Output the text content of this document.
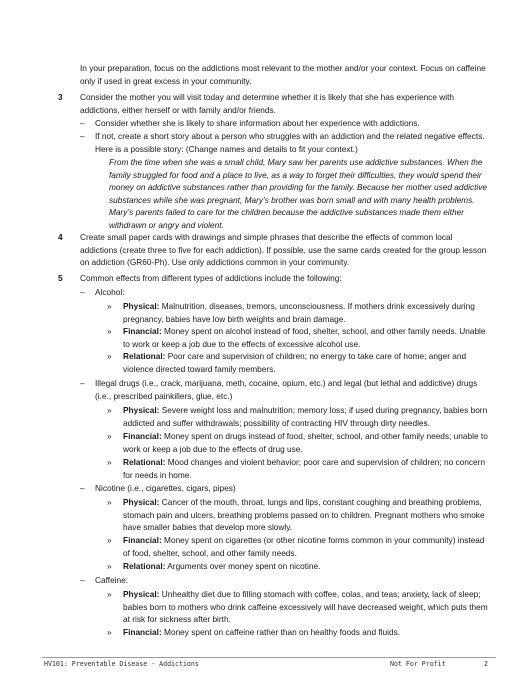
In your preparation, focus on the addictions most relevant to the mother and/or your context. Focus on caffeine only if used in great excess in your community.
3 Consider the mother you will visit today and determine whether it is likely that she has experience with addictions, either herself or with family and/or friends.
– Consider whether she is likely to share information about her experience with addictions.
– If not, create a short story about a person who struggles with an addiction and the related negative effects. Here is a possible story: (Change names and details to fit your context.)
From the time when she was a small child, Mary saw her parents use addictive substances. When the family struggled for food and a place to live, as a way to forget their difficulties, they would spend their money on addictive substances rather than providing for the family. Because her mother used addictive substances while she was pregnant, Mary’s brother was born small and with many health problems. Mary’s parents failed to care for the children because the addictive substances made them either withdrawn or angry and violent.
4 Create small paper cards with drawings and simple phrases that describe the effects of common local addictions (create three to five for each addiction). If possible, use the same cards created for the group lesson on addiction (GR60-Ph). Use only addictions common in your community.
5 Common effects from different types of addictions include the following:
– Alcohol:
» Physical: Malnutrition, diseases, tremors, unconsciousness. If mothers drink excessively during pregnancy, babies have low birth weights and brain damage.
» Financial: Money spent on alcohol instead of food, shelter, school, and other family needs. Unable to work or keep a job due to the effects of excessive alcohol use.
» Relational: Poor care and supervision of children; no energy to take care of home; anger and violence directed toward family members.
– Illegal drugs (i.e., crack, marijuana, meth, cocaine, opium, etc.) and legal (but lethal and addictive) drugs (i.e., prescribed painkillers, glue, etc.)
» Physical: Severe weight loss and malnutrition; memory loss; if used during pregnancy, babies born addicted and suffer withdrawals; possibility of contracting HIV through dirty needles.
» Financial: Money spent on drugs instead of food, shelter, school, and other family needs; unable to work or keep a job due to the effects of drug use.
» Relational: Mood changes and violent behavior; poor care and supervision of children; no concern for needs in home.
– Nicotine (i.e., cigarettes, cigars, pipes)
» Physical: Cancer of the mouth, throat, lungs and lips, constant coughing and breathing problems, stomach pain and ulcers, breathing problems passed on to children. Pregnant mothers who smoke have smaller babies that develop more slowly.
» Financial: Money spent on cigarettes (or other nicotine forms common in your community) instead of food, shelter, school, and other family needs.
» Relational: Arguments over money spent on nicotine.
– Caffeine:
» Physical: Unhealthy diet due to filling stomach with coffee, colas, and teas; anxiety, lack of sleep; babies born to mothers who drink caffeine excessively will have decreased weight, which puts them at risk for sickness after birth.
» Financial: Money spent on caffeine rather than on healthy foods and fluids.
HV101: Preventable Disease - Addictions	Not For Profit	2
